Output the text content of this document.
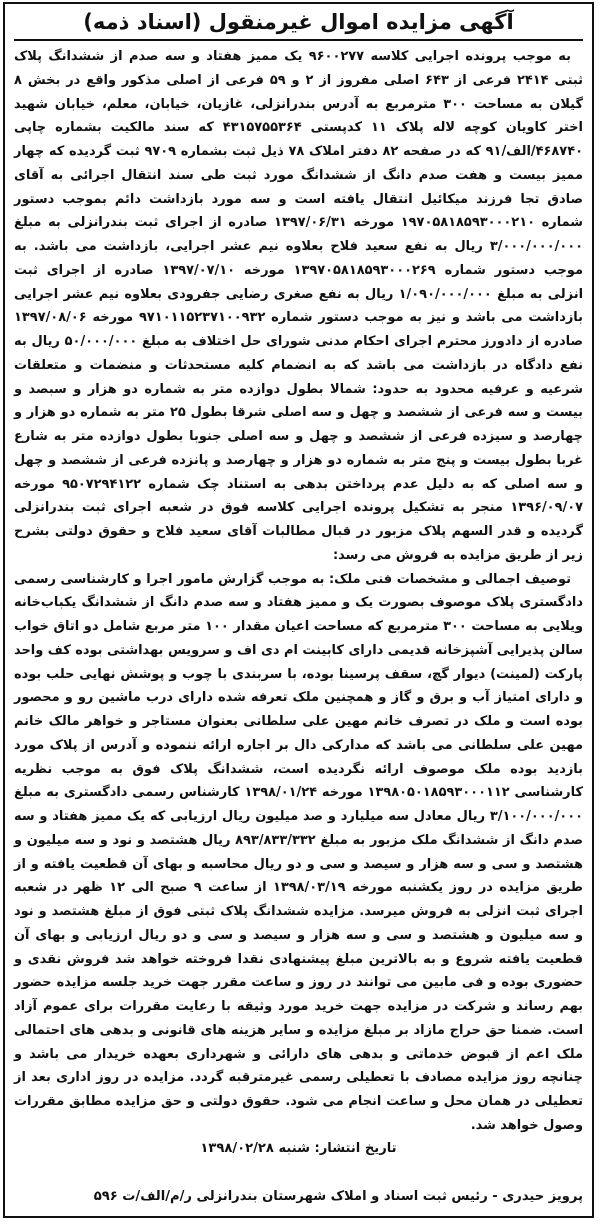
آگهی مزایده اموال غیرمنقول (اسناد ذمه)

به موجب پرونده اجرایی کلاسه ۹۶۰۰۲۷۷ یک ممیز هفتاد و سه صدم از ششدانگ پلاک ثبتی ۲۴۱۴ فرعی از ۶۴۳ اصلی مفروز از ۲ و ۵۹ فرعی از اصلی مذکور واقع در بخش ۸ گیلان به مساحت ۳۰۰ مترمربع به آدرس بندرانزلی، غازیان، خیابان، معلم، خیابان شهید اختر کاویان کوچه لاله پلاک ۱۱ کدپستی ۴۳۱۵۷۵۵۳۶۴ که سند مالکیت بشماره چاپی ۴۶۸۷۴۰/الف/۹۱ که در صفحه ۸۲ دفتر املاک ۷۸ ذیل ثبت بشماره ۹۷۰۹ ثبت گردیده که چهار ممیز بیست و هفت صدم دانگ از ششدانگ مورد ثبت طی سند انتقال اجرائی به آقای صادق تجا فرزند میکائیل انتقال یافته است و سه مورد بازداشت دائم بموجب دستور شماره ۱۹۷۰۵۸۱۸۵۹۳۰۰۰۲۱۰ مورخه ۱۳۹۷/۰۶/۳۱ صادره از اجرای ثبت بندرانزلی به مبلغ ۳/۰۰۰/۰۰۰/۰۰۰ ریال به نفع سعید فلاح بعلاوه نیم عشر اجرایی، بازداشت می باشد. به موجب دستور شماره ۱۳۹۷۰۵۸۱۸۵۹۳۰۰۰۲۶۹ مورخه ۱۳۹۷/۰۷/۱۰ صادره از اجرای ثبت انزلی به مبلغ ۱/۰۹۰/۰۰۰/۰۰۰ ریال به نفع صغری رضایی جفرودی بعلاوه نیم عشر اجرایی بازداشت می باشد و نیز به موجب دستور شماره ۹۷۱۰۱۱۵۲۳۷۱۰۰۹۳۲ مورخه ۱۳۹۷/۰۸/۰۶ صادره از دادورز محترم اجرای احکام مدنی شورای حل اختلاف به مبلغ ۵۰/۰۰۰/۰۰۰ ریال به نفع دادگاه در بازداشت می باشد که به انضمام کلیه مستحدثات و منضمات و متعلقات شرعیه و عرفیه محدود به حدود: شمالا بطول دوازده متر به شماره دو هزار و سبصد و بیست و سه فرعی از ششصد و چهل و سه اصلی شرقا بطول ۲۵ متر به شماره دو هزار و چهارصد و سیزده فرعی از ششصد و چهل و سه اصلی جنوبا بطول دوازده متر به شارع غربا بطول بیست و پنج متر به شماره دو هزار و چهارصد و پانزده فرعی از ششصد و چهل و سه اصلی که به دلیل عدم پرداختن بدهی به استناد چک شماره ۹۵۰۷۲۹۴۱۲۲ مورخه ۱۳۹۶/۰۹/۰۷ منجر به تشکیل پرونده اجرایی کلاسه فوق در شعبه اجرای ثبت بندرانزلی گردیده و قدر السهم پلاک مزبور در قبال مطالبات آقای سعید فلاح و حقوق دولتی بشرح زیر از طریق مزایده به فروش می رسد:

توصیف اجمالی و مشخصات فنی ملک: به موجب گزارش مامور اجرا و کارشناسی رسمی دادگستری پلاک موصوف بصورت یک و ممیز هفتاد و سه صدم دانگ از ششدانگ یکباب‌خانه ویلایی به مساحت ۳۰۰ مترمربع که مساحت اعیان مقدار ۱۰۰ متر مربع شامل دو اتاق خواب سالن پذیرایی آشپزخانه قدیمی دارای کابینت ام دی اف و سرویس بهداشتی بوده کف واحد پارکت (لمینت) دیوار گچ، سقف پرسینا بوده، با سربندی با چوب و پوشش نهایی حلب بوده و دارای امتیاز آب و برق و گاز و همچنین ملک تعرفه شده دارای درب ماشین رو و محصور بوده است و ملک در تصرف خانم مهین علی سلطانی بعنوان مستاجر و خواهر مالک خانم مهین علی سلطانی می باشد که مدارکی دال بر اجاره ارائه ننموده و آدرس از پلاک مورد بازدید بوده ملک موصوف ارائه نگردیده است، ششدانگ پلاک فوق به موجب نظریه کارشناسی ۱۳۹۸۰۵۰۱۸۵۹۳۰۰۰۱۱۲ مورخه ۱۳۹۸/۰۱/۲۴ کارشناس رسمی دادگستری به مبلغ ۳/۱۰۰/۰۰۰/۰۰۰ ریال معادل سه میلیارد و صد میلیون ریال ارزیابی که یک ممیز هفتاد و سه صدم دانگ از ششدانگ ملک مزبور به مبلغ ۸۹۳/۸۳۳/۳۳۲ ریال هشتصد و نود و سه میلیون و هشتصد و سی و سه هزار و سیصد و سی و دو ریال محاسبه و بهای آن قطعیت یافته و از طریق مزایده در روز یکشنبه مورخه ۱۳۹۸/۰۳/۱۹ از ساعت ۹ صبح الی ۱۲ ظهر در شعبه اجرای ثبت انزلی به فروش میرسد. مزایده ششدانگ پلاک ثبتی فوق از مبلغ هشتصد و نود و سه میلیون و هشتصد و سی و سه هزار و سیصد و سی و دو ریال ارزیابی و بهای آن قطعیت یافته شروع و به بالاترین مبلغ پیشنهادی نقدا فروخته خواهد شد فروش نقدی و حضوری بوده و فی مابین می توانند در روز و ساعت مقرر جهت خرید جلسه مزایده حضور بهم رساند و شرکت در مزایده جهت خرید مورد وثیقه با رعایت مقررات برای عموم آزاد است. ضمنا حق حراج مازاد بر مبلغ مزایده و سایر هزینه های قانونی و بدهی های احتمالی ملک اعم از قبوض خدماتی و بدهی های دارائی و شهرداری بعهده خریدار می باشد و چنانچه روز مزایده مصادف با تعطیلی رسمی غیرمترقبه گردد. مزایده در روز اداری بعد از تعطیلی در همان محل و ساعت انجام می شود. حقوق دولتی و حق مزایده مطابق مقررات وصول خواهد شد.

تاریخ انتشار: شنبه ۱۳۹۸/۰۲/۲۸
پرویز حیدری - رئیس ثبت اسناد و املاک شهرستان بندرانزلی ر/م/الف/ت ۵۹۶
